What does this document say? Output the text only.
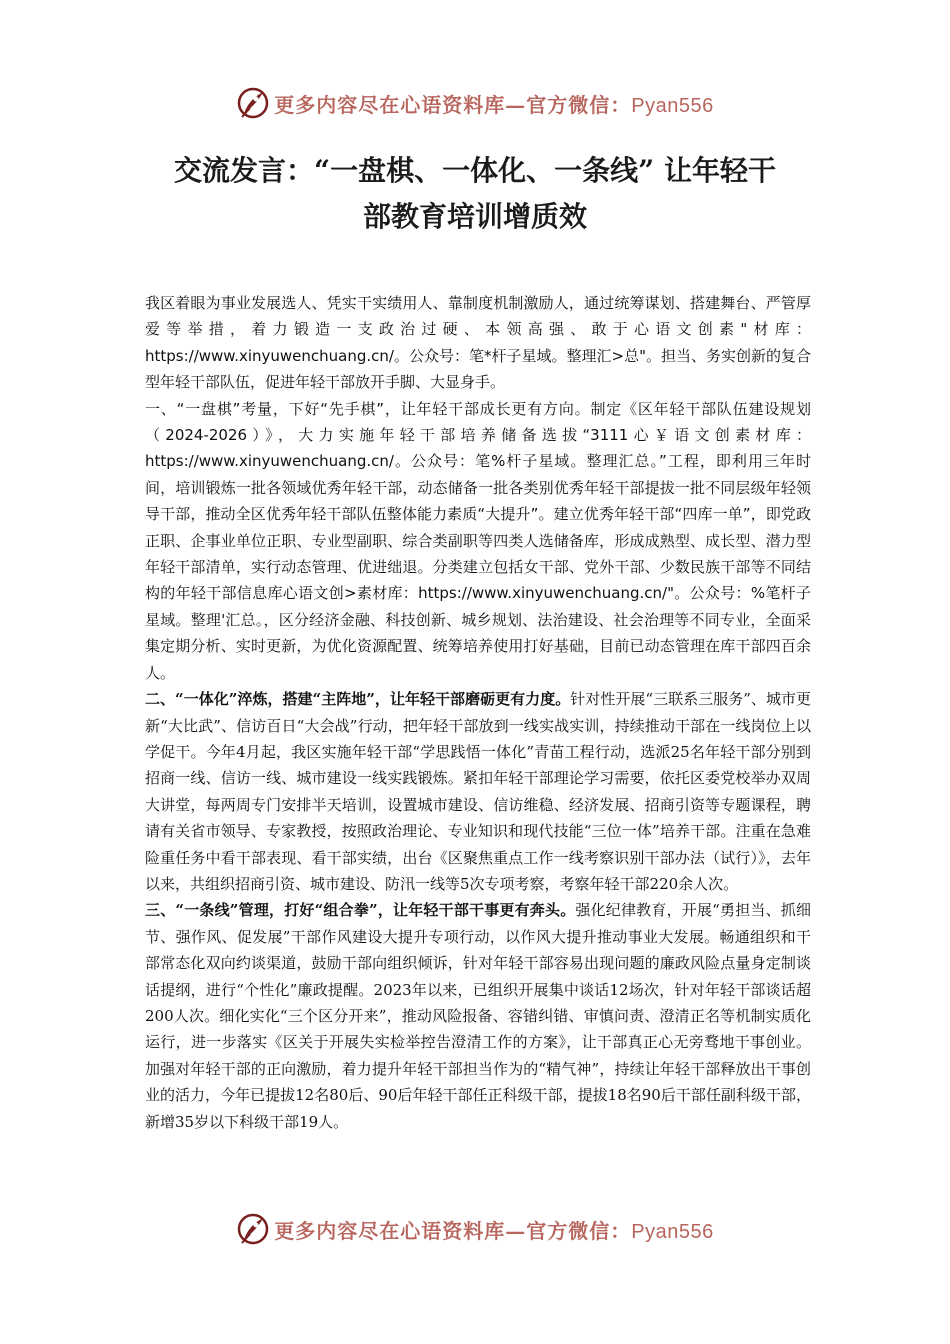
更多内容尽在心语资料库—官方微信：Pyan556
交流发言：“一盘棋、一体化、一条线” 让年轻干
部教育培训增质效

我区着眼为事业发展选人、凭实干实绩用人、靠制度机制激励人，通过统筹谋划、搭建舞台、严管厚爱等举措，着力锻造一支政治过硬、本领高强、敢于心语文创素"材库：https://www.xinyuwenchuang.cn/。公众号：笔*杆子星域。整理汇>总"。担当、务实创新的复合型年轻干部队伍，促进年轻干部放开手脚、大显身手。

一、“一盘棋”考量，下好“先手棋”，让年轻干部成长更有方向。制定《区年轻干部队伍建设规划（2024-2026）》，大力实施年轻干部培养储备选拔“3111心￥语文创素材库：https://www.xinyuwenchuang.cn/。公众号：笔%杆子星域。整理汇总。”工程，即利用三年时间，培训锻炼一批各领域优秀年轻干部，动态储备一批各类别优秀年轻干部提拔一批不同层级年轻领导干部，推动全区优秀年轻干部队伍整体能力素质“大提升”。建立优秀年轻干部“四库一单”，即党政正职、企事业单位正职、专业型副职、综合类副职等四类人选储备库，形成成熟型、成长型、潜力型年轻干部清单，实行动态管理、优进绌退。分类建立包括女干部、党外干部、少数民族干部等不同结构的年轻干部信息库心语文创>素材库：https://www.xinyuwenchuang.cn/"。公众号：%笔杆子星域。整理'汇总。，区分经济金融、科技创新、城乡规划、法治建设、社会治理等不同专业，全面采集定期分析、实时更新，为优化资源配置、统筹培养使用打好基础，目前已动态管理在库干部四百余人。

二、“一体化”淬炼，搭建“主阵地”，让年轻干部磨砺更有力度。针对性开展“三联系三服务”、城市更新“大比武”、信访百日“大会战”行动，把年轻干部放到一线实战实训，持续推动干部在一线岗位上以学促干。今年4月起，我区实施年轻干部“学思践悟一体化”青苗工程行动，选派25名年轻干部分别到招商一线、信访一线、城市建设一线实践锻炼。紧扣年轻干部理论学习需要，依托区委党校举办双周大讲堂，每两周专门安排半天培训，设置城市建设、信访维稳、经济发展、招商引资等专题课程，聘请有关省市领导、专家教授，按照政治理论、专业知识和现代技能“三位一体”培养干部。注重在急难险重任务中看干部表现、看干部实绩，出台《区聚焦重点工作一线考察识别干部办法（试行）》，去年以来，共组织招商引资、城市建设、防汛一线等5次专项考察，考察年轻干部220余人次。

三、“一条线”管理，打好“组合拳”，让年轻干部干事更有奔头。强化纪律教育，开展“勇担当、抓细节、强作风、促发展”干部作风建设大提升专项行动，以作风大提升推动事业大发展。畅通组织和干部常态化双向约谈渠道，鼓励干部向组织倾诉，针对年轻干部容易出现问题的廉政风险点量身定制谈话提纲，进行“个性化”廉政提醒。2023年以来，已组织开展集中谈话12场次，针对年轻干部谈话超200人次。细化实化“三个区分开来”，推动风险报备、容错纠错、审慎问责、澄清正名等机制实质化运行，进一步落实《区关于开展失实检举控告澄清工作的方案》，让干部真正心无旁骛地干事创业。加强对年轻干部的正向激励，着力提升年轻干部担当作为的“精气神”，持续让年轻干部释放出干事创业的活力，今年已提拔12名80后、90后年轻干部任正科级干部，提拔18名90后干部任副科级干部，新增35岁以下科级干部19人。

更多内容尽在心语资料库—官方微信：Pyan556
